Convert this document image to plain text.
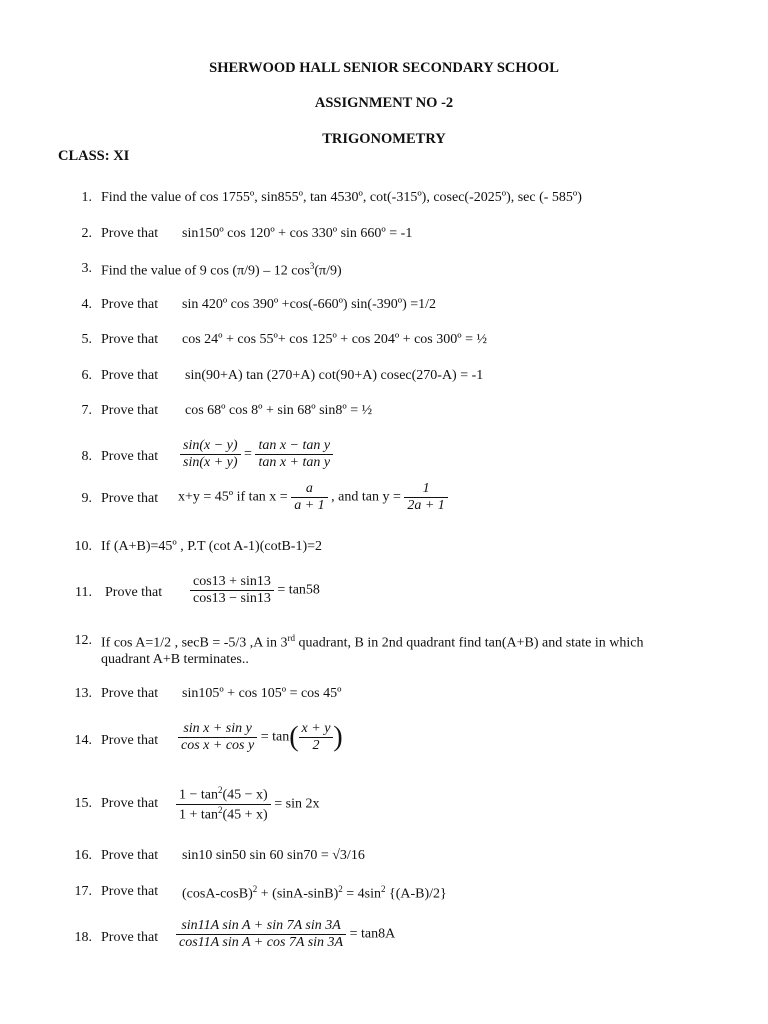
SHERWOOD HALL SENIOR SECONDARY SCHOOL
ASSIGNMENT NO -2
TRIGONOMETRY
CLASS: XI
1. Find the value of cos 1755º, sin855º, tan 4530º, cot(-315º), cosec(-2025º), sec (- 585º)
2. Prove that sin150º cos 120º + cos 330º sin 660º = -1
3. Find the value of 9 cos (π/9) – 12 $\cos^3(\pi/9)$
4. Prove that sin 420º cos 390º +cos(-660º) sin(-390º) =1/2
5. Prove that cos 24º + cos 55º+ cos 125º + cos 204º + cos 300º = ½
6. Prove that sin(90+A) tan (270+A) cot(90+A) cosec(270-A) = -1
7. Prove that cos 68º cos 8º + sin 68º sin8º = ½
8. Prove that $\frac{\sin(x - y)}{\sin(x + y)} = \frac{\text{tan x − tan y}}{\text{tan x + tan y}}$
9. Prove that x+y = 45º if $\tan x = \frac{a}{a + 1}$ , and $\tan y = \frac{1}{2a + 1}$
10. If (A+B)=45º , P.T (cot A-1)(cotB-1)=2
11. Prove that $\frac{\cos 13 + \sin 13}{\cos 13 - \sin 13} = \tan 58$
12. If cos A=1/2 , secB = -5/3 ,A in 3rd quadrant, B in 2nd quadrant find tan(A+B) and state in which
quadrant A+B terminates..
13. Prove that sin105º + cos 105º = cos 45º
14. Prove that $\frac{\text{sin x + sin y}}{\text{cos x + cos y}} = \tan( \frac{x + y}{2}$ )
15. Prove that $\frac{1 - \tan^2(45 - x)}{1 + \tan^2(45 + x)} = \sin 2x$
16. Prove that sin10 sin50 sin 60 sin70 = √3/16
17. Prove that $(\cos A-\cos B)^2 + (\sin A-\sin B)^2 = 4\sin^2$ {(A-B)/2}
18. Prove that $\frac{\text{sin11A sin A + sin 7A sin 3A}}{\text{cos11A sin A + cos 7A sin 3A}} = \tan 8A$
